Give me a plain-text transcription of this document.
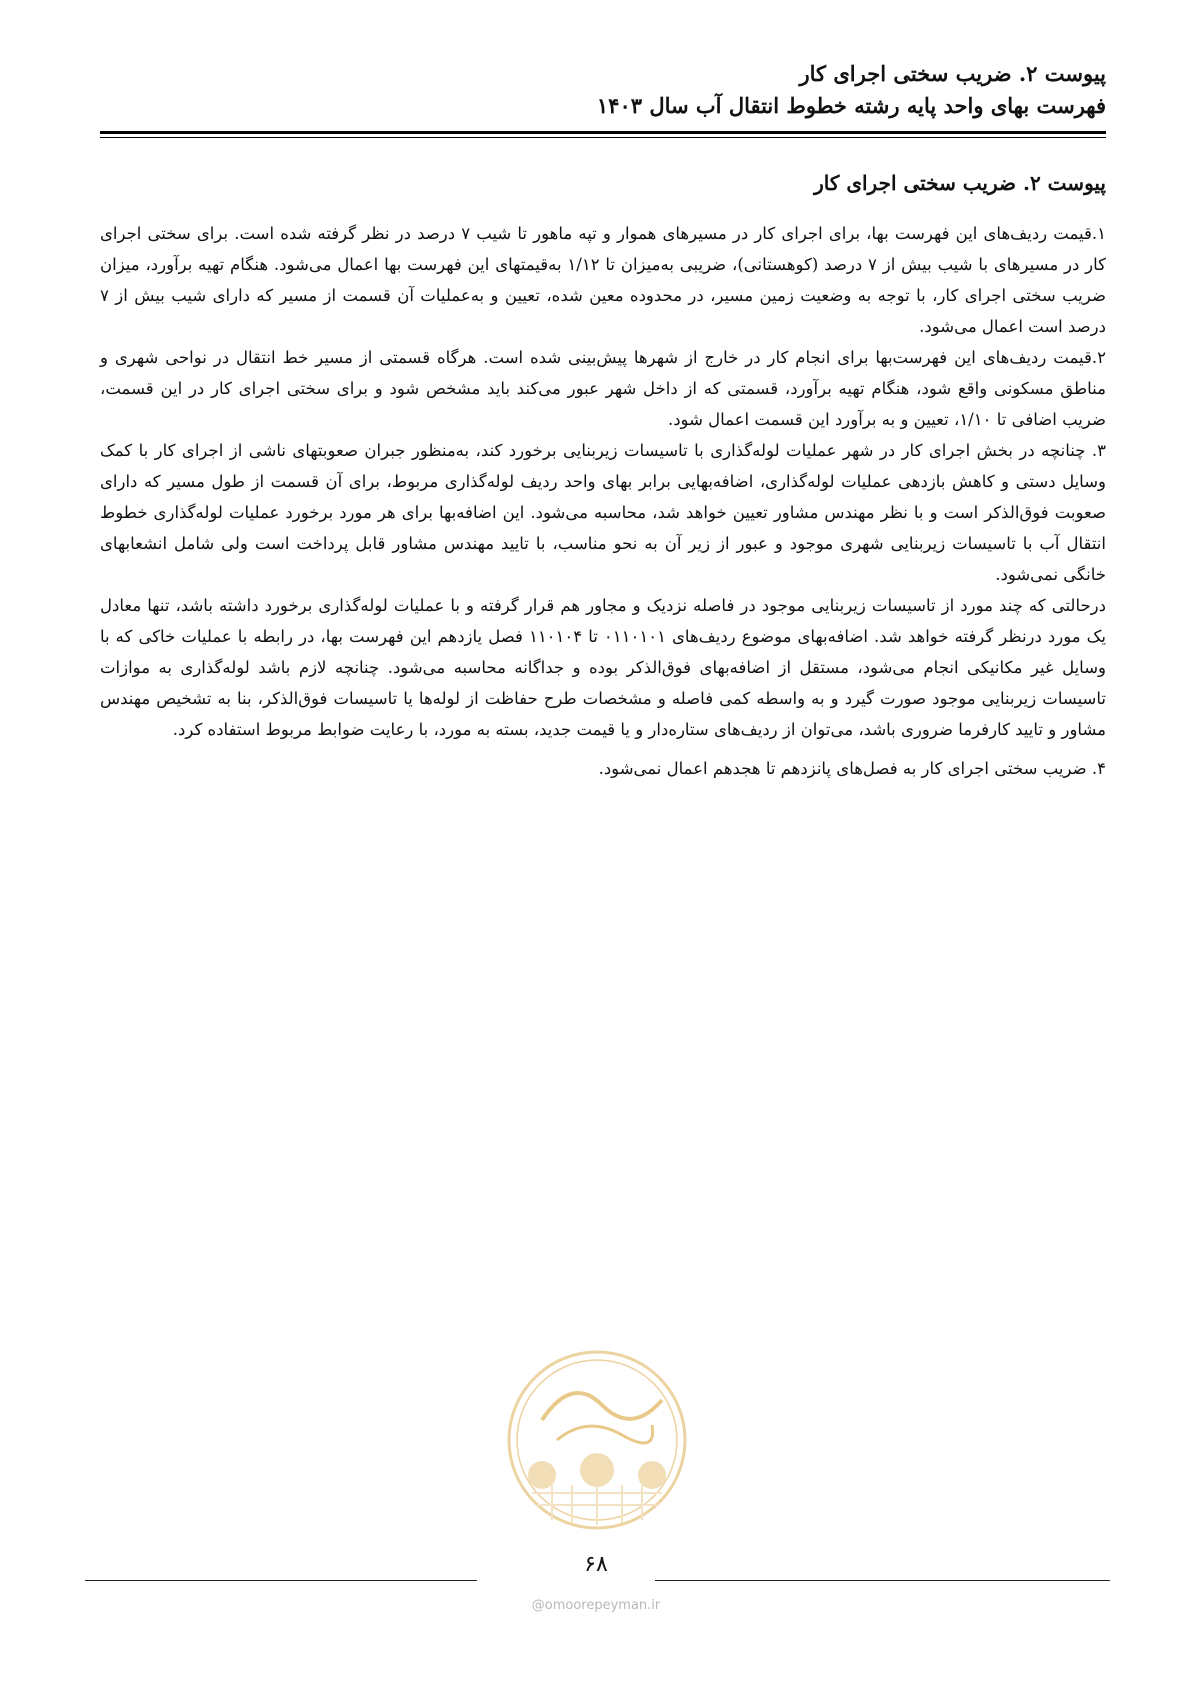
پیوست ۲. ضریب سختی اجرای کار
فهرست بهای واحد پایه رشته خطوط انتقال آب سال ۱۴۰۳
پیوست ۲. ضریب سختی اجرای کار

۱.قیمت ردیف‌های این فهرست بها، برای اجرای کار در مسیرهای هموار و تپه ماهور تا شیب ۷ درصد در نظر گرفته شده است. برای سختی اجرای کار در مسیرهای با شیب بیش از ۷ درصد (کوهستانی)، ضریبی به‌میزان تا ۱/۱۲ به‌قیمتهای این فهرست بها اعمال می‌شود. هنگام تهیه برآورد، میزان ضریب سختی اجرای کار، با توجه به وضعیت زمین مسیر، در محدوده معین شده، تعیین و به‌عملیات آن قسمت از مسیر که دارای شیب بیش از ۷ درصد است اعمال می‌شود.

۲.قیمت ردیف‌های این فهرست‌بها برای انجام کار در خارج از شهرها پیش‌بینی شده است. هرگاه قسمتی از مسیر خط انتقال در نواحی شهری و مناطق مسکونی واقع شود، هنگام تهیه برآورد، قسمتی که از داخل شهر عبور می‌کند باید مشخص شود و برای سختی اجرای کار در این قسمت، ضریب اضافی تا ۱/۱۰، تعیین و به برآورد این قسمت اعمال شود.

۳. چنانچه در بخش اجرای کار در شهر عملیات لوله‌گذاری با تاسیسات زیربنایی برخورد کند، به‌منظور جبران صعوبتهای ناشی از اجرای کار با کمک وسایل دستی و کاهش بازدهی عملیات لوله‌گذاری، اضافه‌بهایی برابر بهای واحد ردیف لوله‌گذاری مربوط، برای آن قسمت از طول مسیر که دارای صعوبت فوق‌الذکر است و با نظر مهندس مشاور تعیین خواهد شد، محاسبه می‌شود. این اضافه‌بها برای هر مورد برخورد عملیات لوله‌گذاری خطوط انتقال آب با تاسیسات زیربنایی شهری موجود و عبور از زیر آن به نحو مناسب، با تایید مهندس مشاور قابل پرداخت است ولی شامل انشعابهای خانگی نمی‌شود.

درحالتی که چند مورد از تاسیسات زیربنایی موجود در فاصله نزدیک و مجاور هم قرار گرفته و با عملیات لوله‌گذاری برخورد داشته باشد، تنها معادل یک مورد درنظر گرفته خواهد شد. اضافه‌بهای موضوع ردیف‌های ۰۱۱۰۱۰۱ تا ۱۱۰۱۰۴ فصل یازدهم این فهرست بها، در رابطه با عملیات خاکی که با وسایل غیر مکانیکی انجام می‌شود، مستقل از اضافه‌بهای فوق‌الذکر بوده و جداگانه محاسبه می‌شود. چنانچه لازم باشد لوله‌گذاری به موازات تاسیسات زیربنایی موجود صورت گیرد و به واسطه کمی فاصله و مشخصات طرح حفاظت از لوله‌ها یا تاسیسات فوق‌الذکر، بنا به تشخیص مهندس مشاور و تایید کارفرما ضروری باشد، می‌توان از ردیف‌های ستاره‌دار و یا قیمت جدید، بسته به مورد، با رعایت ضوابط مربوط استفاده کرد.

۴. ضریب سختی اجرای کار به فصل‌های پانزدهم تا هجدهم اعمال نمی‌شود.

۶۸
@omoorepeyman.ir
